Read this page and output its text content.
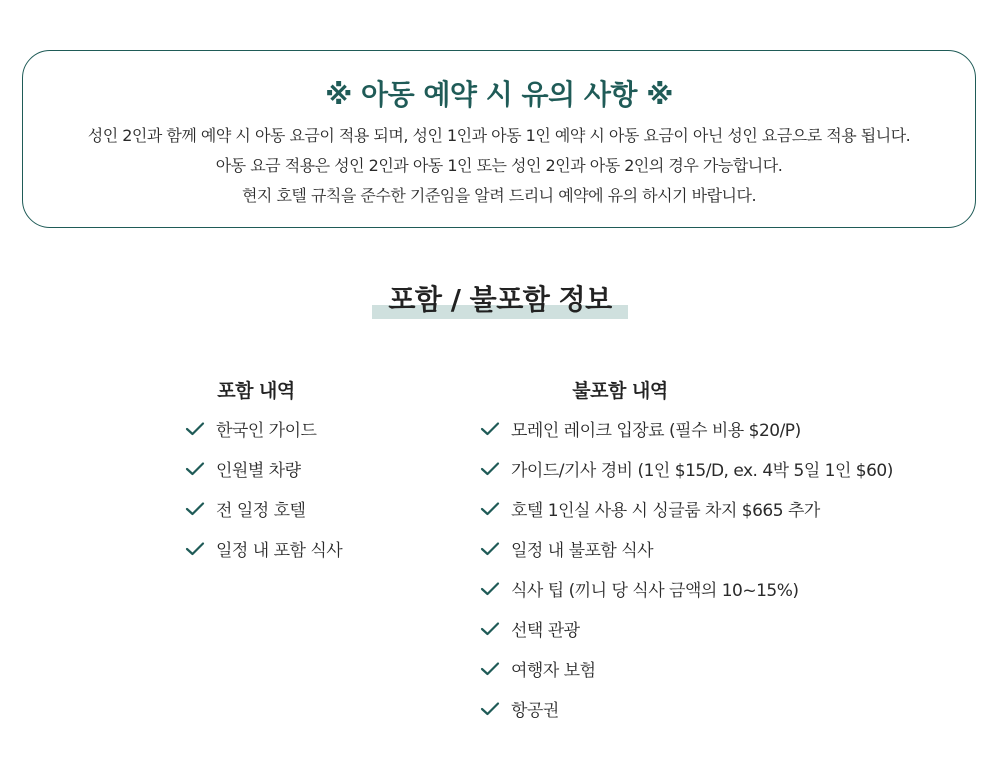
※ 아동 예약 시 유의 사항 ※
성인 2인과 함께 예약 시 아동 요금이 적용 되며, 성인 1인과 아동 1인 예약 시 아동 요금이 아닌 성인 요금으로 적용 됩니다.
아동 요금 적용은 성인 2인과 아동 1인 또는 성인 2인과 아동 2인의 경우 가능합니다.
현지 호텔 규칙을 준수한 기준임을 알려 드리니 예약에 유의 하시기 바랍니다.
포함 / 불포함 정보
포함 내역	불포함 내역
한국인 가이드
인원별 차량
전 일정 호텔
일정 내 포함 식사
모레인 레이크 입장료 (필수 비용 $20/P)
가이드/기사 경비 (1인 $15/D, ex. 4박 5일 1인 $60)
호텔 1인실 사용 시 싱글룸 차지 $665 추가
일정 내 불포함 식사
식사 팁 (끼니 당 식사 금액의 10~15%)
선택 관광
여행자 보험
항공권
